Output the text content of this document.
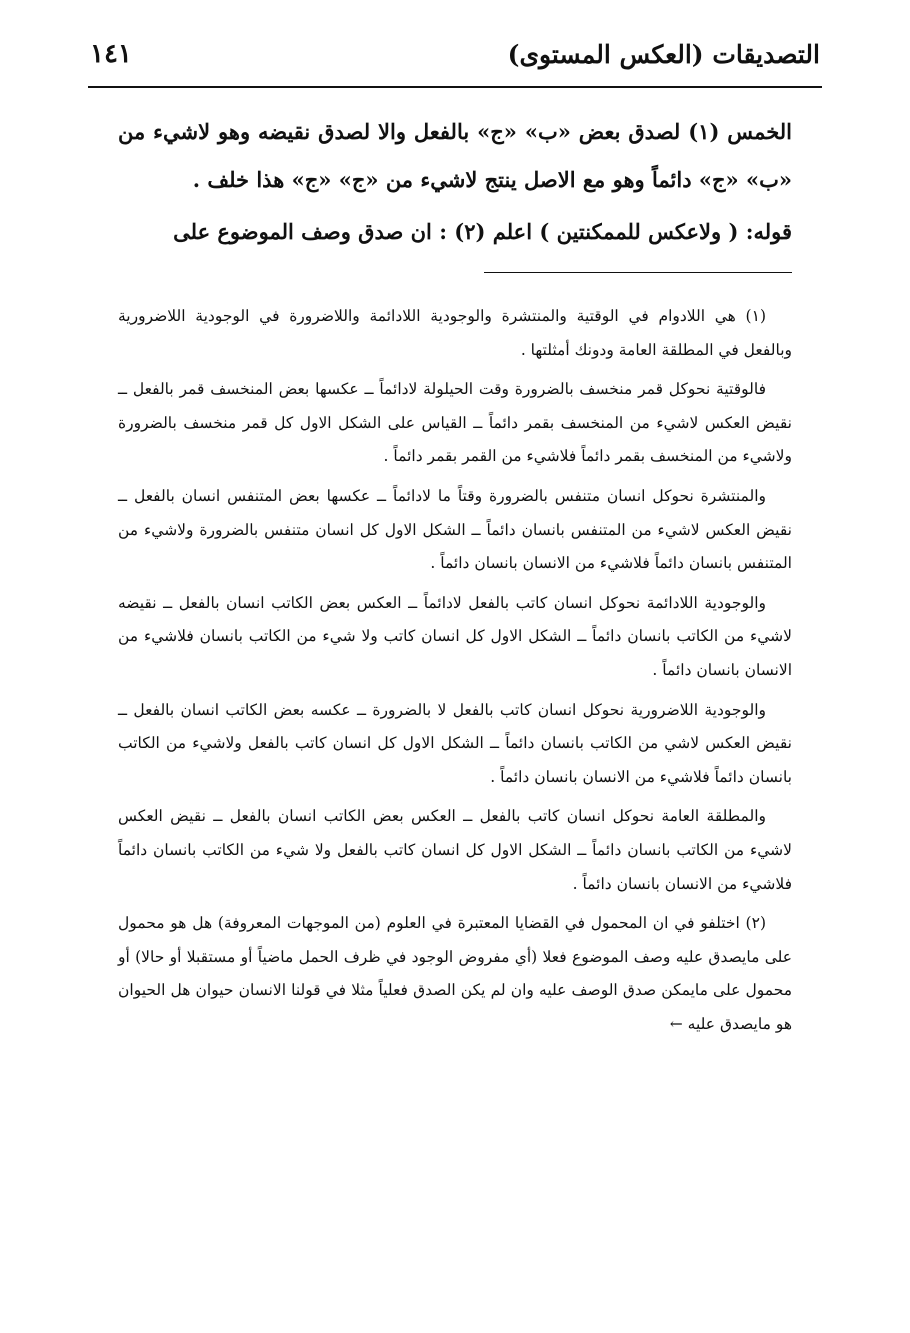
التصديقات (العكس المستوى)
١٤١

الخمس (١) لصدق بعض «ب» «ج» بالفعل والا لصدق نقيضه وهو لاشيء من «ب» «ج» دائماً وهو مع الاصل ينتج لاشيء من «ج» «ج» هذا خلف .

قوله: ( ولاعكس للممكنتين ) اعلم (٢) : ان صدق وصف الموضوع على

(١) هي اللادوام في الوقتية والمنتشرة والوجودية اللادائمة واللاضرورة في الوجودية اللاضرورية وبالفعل في المطلقة العامة ودونك أمثلتها .

فالوقتية نحوكل قمر منخسف بالضرورة وقت الحيلولة لادائماً ــ عكسها بعض المنخسف قمر بالفعل ــ نقيض العكس لاشيء من المنخسف بقمر دائماً ــ القياس على الشكل الاول كل قمر منخسف بالضرورة ولاشيء من المنخسف بقمر دائماً فلاشيء من القمر بقمر دائماً .

والمنتشرة نحوكل انسان متنفس بالضرورة وقتاً ما لادائماً ــ عكسها بعض المتنفس انسان بالفعل ــ نقيض العكس لاشيء من المتنفس بانسان دائماً ــ الشكل الاول كل انسان متنفس بالضرورة ولاشيء من المتنفس بانسان دائماً فلاشيء من الانسان بانسان دائماً .

والوجودية اللادائمة نحوكل انسان كاتب بالفعل لادائماً ــ العكس بعض الكاتب انسان بالفعل ــ نقيضه لاشيء من الكاتب بانسان دائماً ــ الشكل الاول كل انسان كاتب ولا شيء من الكاتب بانسان فلاشيء من الانسان بانسان دائماً .

والوجودية اللاضرورية نحوكل انسان كاتب بالفعل لا بالضرورة ــ عكسه بعض الكاتب انسان بالفعل ــ نقيض العكس لاشي من الكاتب بانسان دائماً ــ الشكل الاول كل انسان كاتب بالفعل ولاشيء من الكاتب بانسان دائماً فلاشيء من الانسان بانسان دائماً .

والمطلقة العامة نحوكل انسان كاتب بالفعل ــ العكس بعض الكاتب انسان بالفعل ــ نقيض العكس لاشيء من الكاتب بانسان دائماً ــ الشكل الاول كل انسان كاتب بالفعل ولا شيء من الكاتب بانسان دائماً فلاشيء من الانسان بانسان دائماً .

(٢) اختلفو في ان المحمول في القضايا المعتبرة في العلوم (من الموجهات المعروفة) هل هو محمول على مايصدق عليه وصف الموضوع فعلا (أي مفروض الوجود في ظرف الحمل ماضياً أو مستقبلا أو حالا) أو محمول على مايمكن صدق الوصف عليه وان لم يكن الصدق فعلياً مثلا في قولنا الانسان حيوان هل الحيوان هو مايصدق عليه ←
